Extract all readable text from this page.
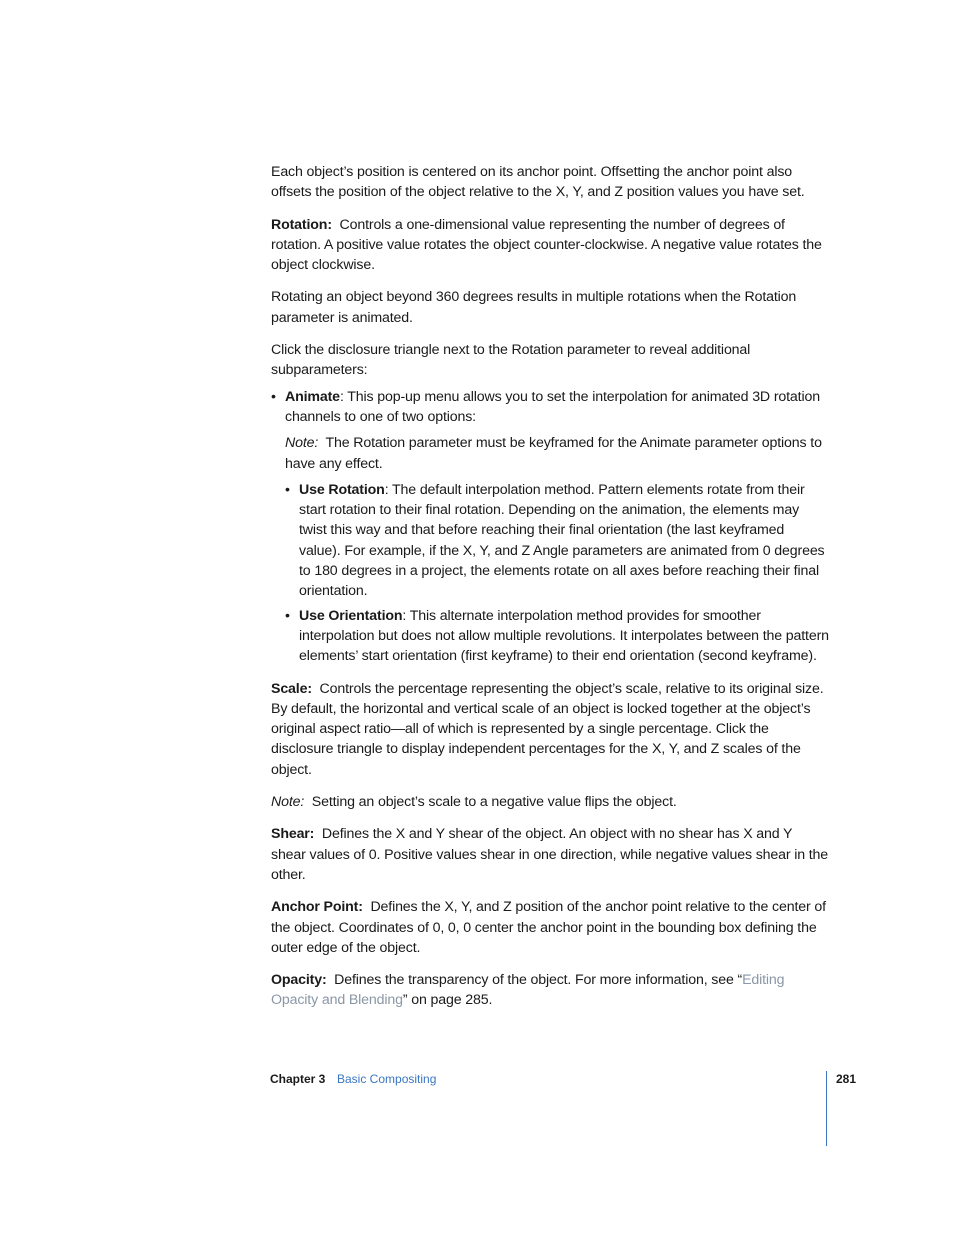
Each object’s position is centered on its anchor point. Offsetting the anchor point also offsets the position of the object relative to the X, Y, and Z position values you have set.

Rotation: Controls a one-dimensional value representing the number of degrees of rotation. A positive value rotates the object counter-clockwise. A negative value rotates the object clockwise.

Rotating an object beyond 360 degrees results in multiple rotations when the Rotation parameter is animated.

Click the disclosure triangle next to the Rotation parameter to reveal additional subparameters:

• Animate: This pop-up menu allows you to set the interpolation for animated 3D rotation channels to one of two options:

Note: The Rotation parameter must be keyframed for the Animate parameter options to have any effect.

• Use Rotation: The default interpolation method. Pattern elements rotate from their start rotation to their final rotation. Depending on the animation, the elements may twist this way and that before reaching their final orientation (the last keyframed value). For example, if the X, Y, and Z Angle parameters are animated from 0 degrees to 180 degrees in a project, the elements rotate on all axes before reaching their final orientation.
• Use Orientation: This alternate interpolation method provides for smoother interpolation but does not allow multiple revolutions. It interpolates between the pattern elements’ start orientation (first keyframe) to their end orientation (second keyframe).

Scale: Controls the percentage representing the object’s scale, relative to its original size. By default, the horizontal and vertical scale of an object is locked together at the object’s original aspect ratio—all of which is represented by a single percentage. Click the disclosure triangle to display independent percentages for the X, Y, and Z scales of the object.

Note: Setting an object’s scale to a negative value flips the object.

Shear: Defines the X and Y shear of the object. An object with no shear has X and Y shear values of 0. Positive values shear in one direction, while negative values shear in the other.

Anchor Point: Defines the X, Y, and Z position of the anchor point relative to the center of the object. Coordinates of 0, 0, 0 center the anchor point in the bounding box defining the outer edge of the object.

Opacity: Defines the transparency of the object. For more information, see “Editing Opacity and Blending” on page 285.

Chapter 3 Basic Compositing	281
